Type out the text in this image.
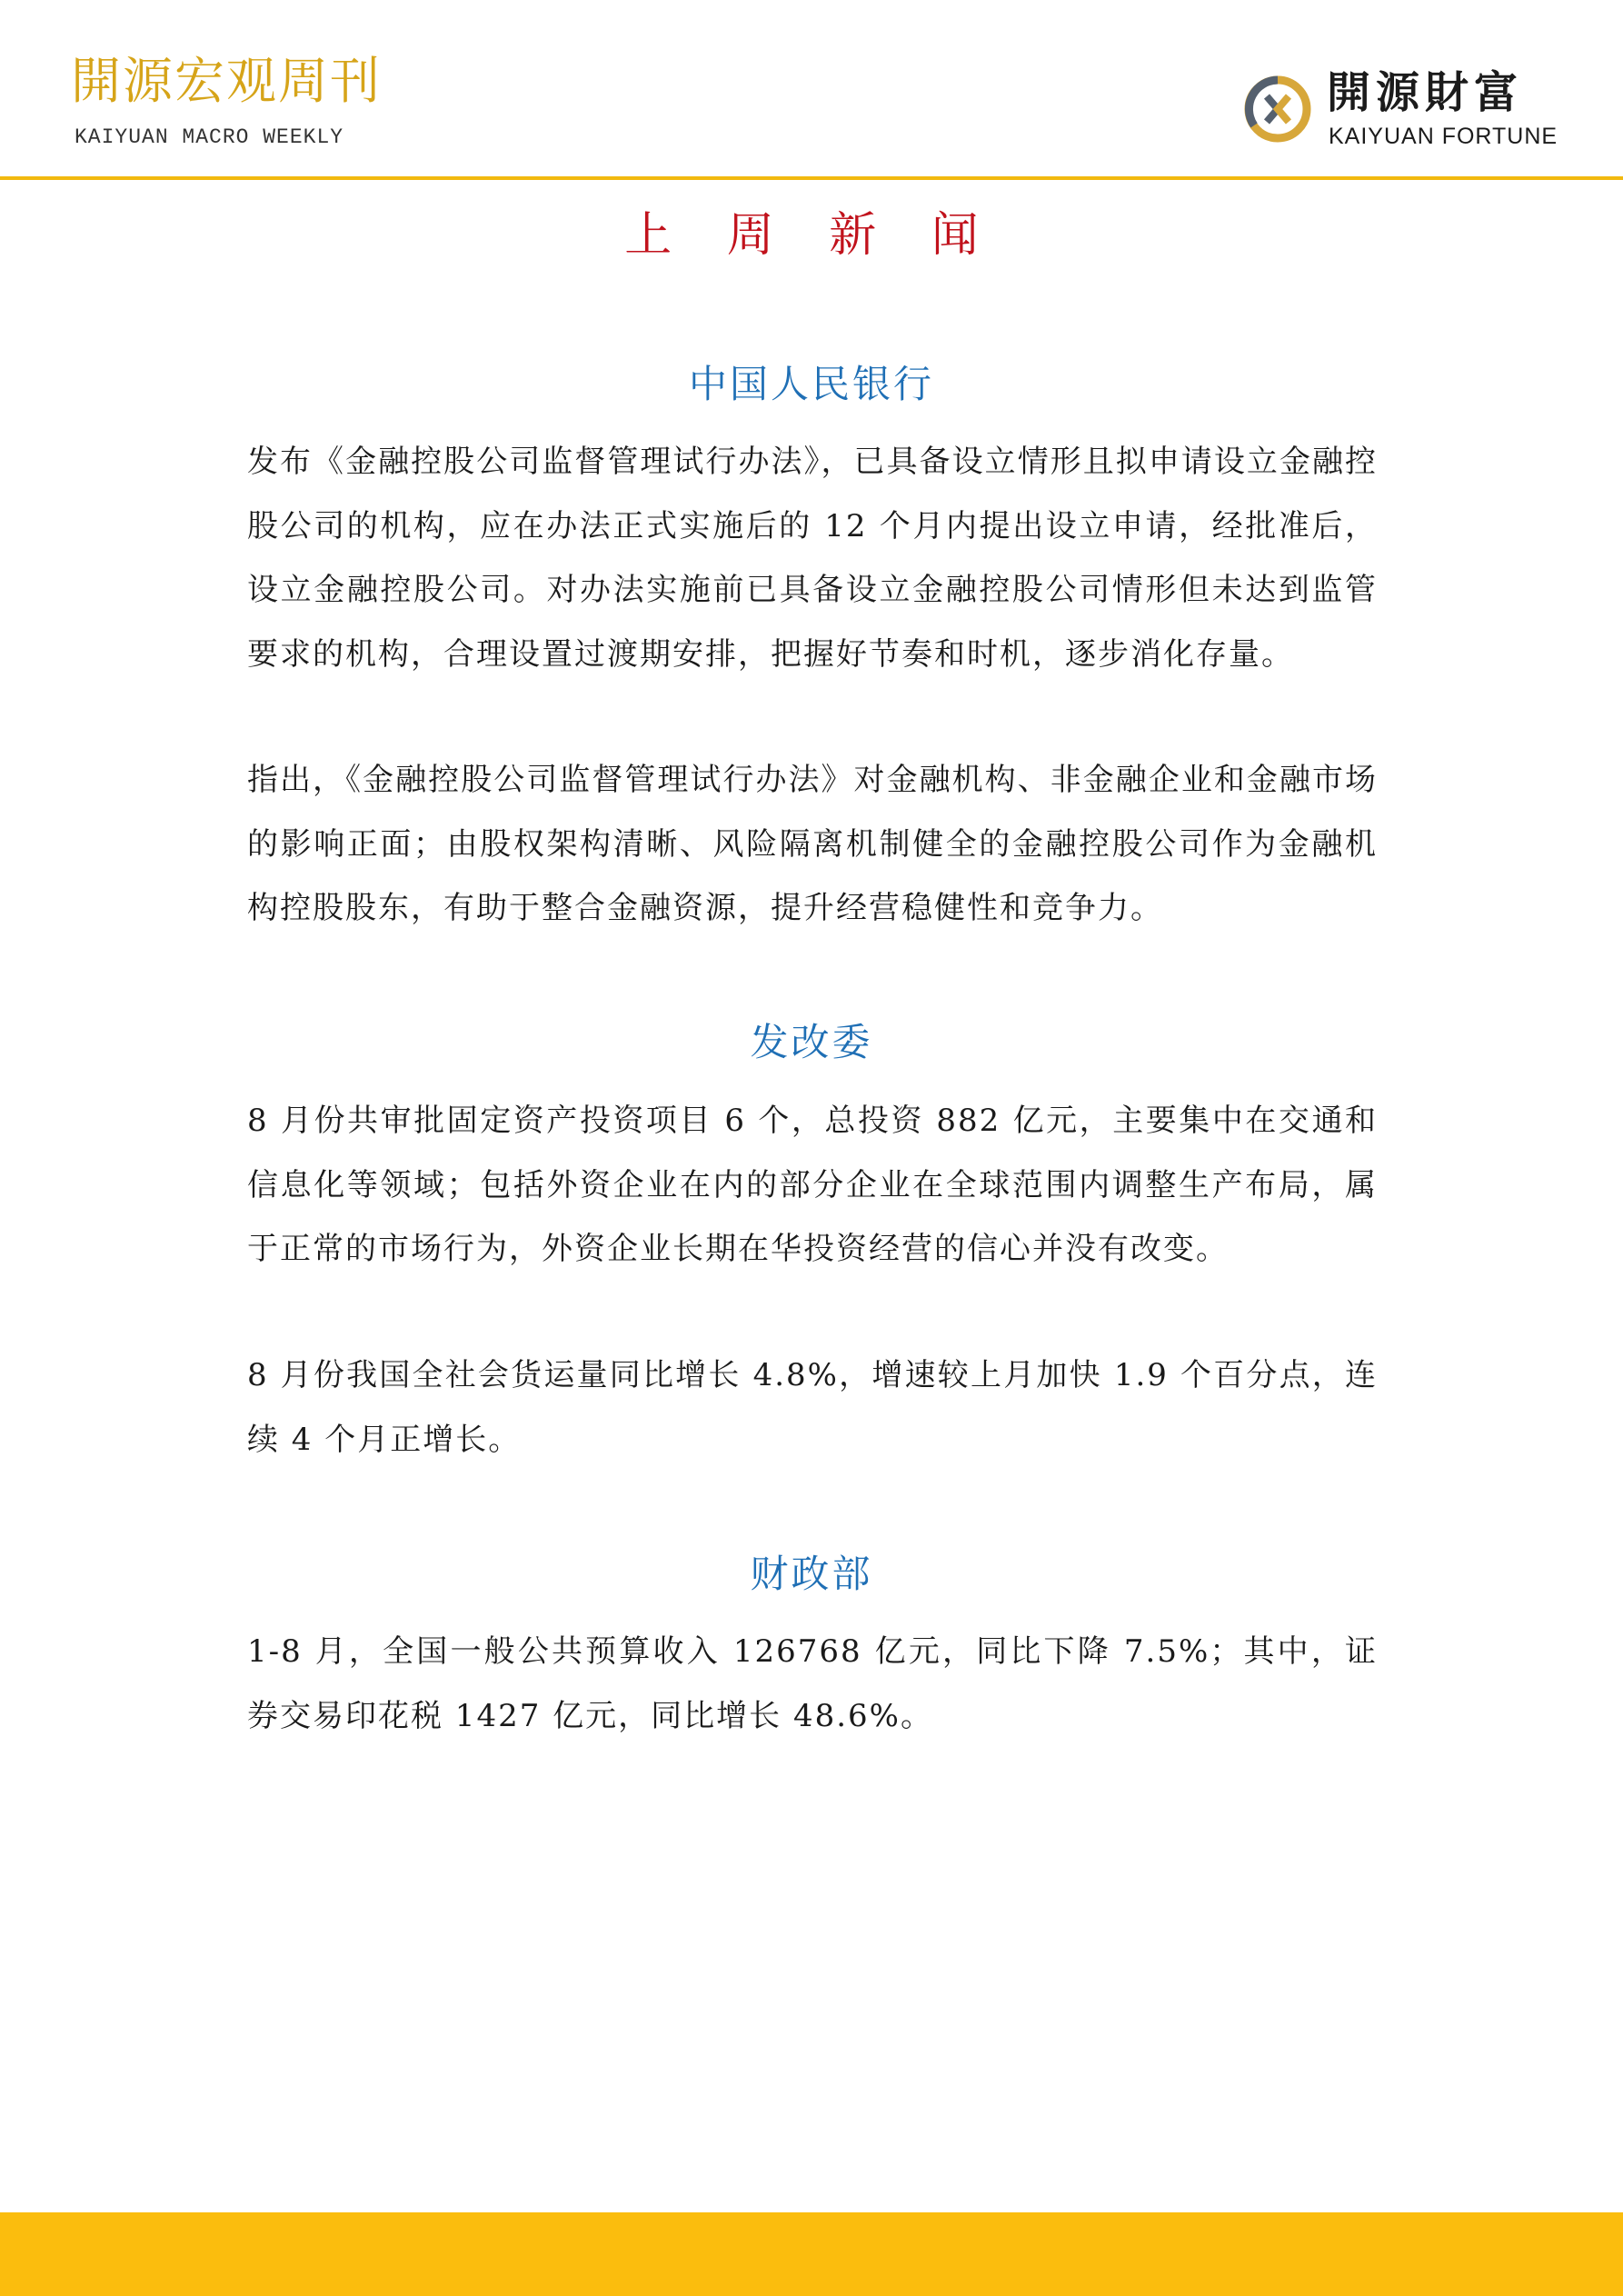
開源宏观周刊
KAIYUAN MACRO WEEKLY
開源財富
KAIYUAN FORTUNE
上 周 新 闻
中国人民银行

发布《金融控股公司监督管理试行办法》，已具备设立情形且拟申请设立金融控股公司的机构，应在办法正式实施后的 12 个月内提出设立申请，经批准后，设立金融控股公司。对办法实施前已具备设立金融控股公司情形但未达到监管要求的机构，合理设置过渡期安排，把握好节奏和时机，逐步消化存量。

指出，《金融控股公司监督管理试行办法》对金融机构、非金融企业和金融市场的影响正面；由股权架构清晰、风险隔离机制健全的金融控股公司作为金融机构控股股东，有助于整合金融资源，提升经营稳健性和竞争力。

发改委

8 月份共审批固定资产投资项目 6 个，总投资 882 亿元，主要集中在交通和信息化等领域；包括外资企业在内的部分企业在全球范围内调整生产布局，属于正常的市场行为，外资企业长期在华投资经营的信心并没有改变。

8 月份我国全社会货运量同比增长 4.8%，增速较上月加快 1.9 个百分点，连续 4 个月正增长。

财政部

1-8 月，全国一般公共预算收入 126768 亿元，同比下降 7.5%；其中，证券交易印花税 1427 亿元，同比增长 48.6%。
